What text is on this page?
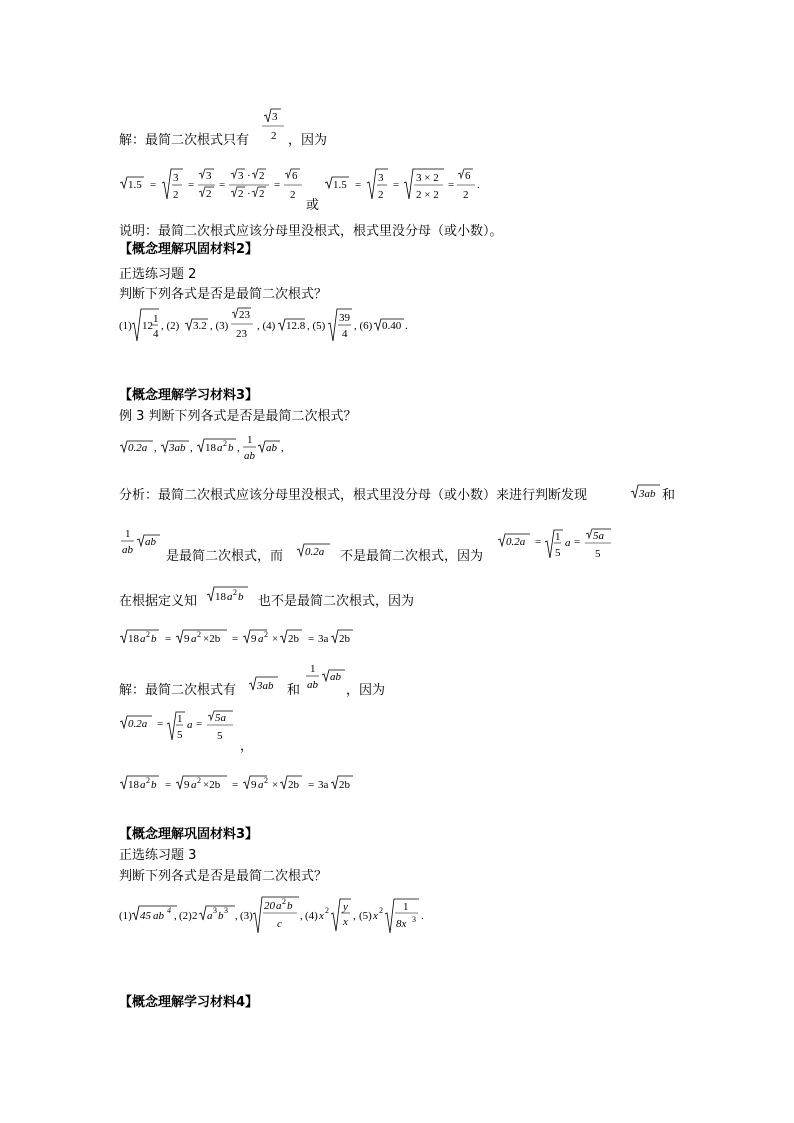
解：最简二次根式只有
3
2 ，因为
1.5 =
3
2
=
3
2
=
3 · 2
2 · 2
=
6
2
或
1.5 =
3
2
=
3 × 2
2 × 2
=
6
2
.
说明：最简二次根式应该分母里没根式，根式里没分母（或小数）。
【概念理解巩固材料2】
正选练习题 2
判断下列各式是否是最简二次根式？
(1) 12
1
4
, (2) 3.2 , (3)
23
23
, (4) 12.8 , (5)
39
4
, (6) 0.40 .
【概念理解学习材料3】
例 3 判断下列各式是否是最简二次根式？
0.2a , 3ab , 18 a 2 b ,
1
ab
ab ,
分析：最简二次根式应该分母里没根式，根式里没分母（或小数）来进行判断发现	3ab 和
1
ab
ab
是最简二次根式，而 0.2a 不是最简二次根式，因为
0.2a = 1
5
a = 5a
5
在根据定义知 18 a 2 b 也不是最简二次根式，因为
18 a 2 b = 9 a 2 ×2b = 9 a 2 × 2b = 3a 2b
解：最简二次根式有 3ab 和
1
ab
ab
，因为
0.2a = 1
5
a = 5a
5
，
18 a 2 b = 9 a 2 ×2b = 9 a 2 × 2b = 3a 2b
【概念理解巩固材料3】
正选练习题 3
判断下列各式是否是最简二次根式？
(1) 45 ab 4 , (2) 2 a 3 b 3 , (3)
20 a 2 b
c
, (4) x 2 y
x , (5) x 2 1
8x 3 .
【概念理解学习材料4】
